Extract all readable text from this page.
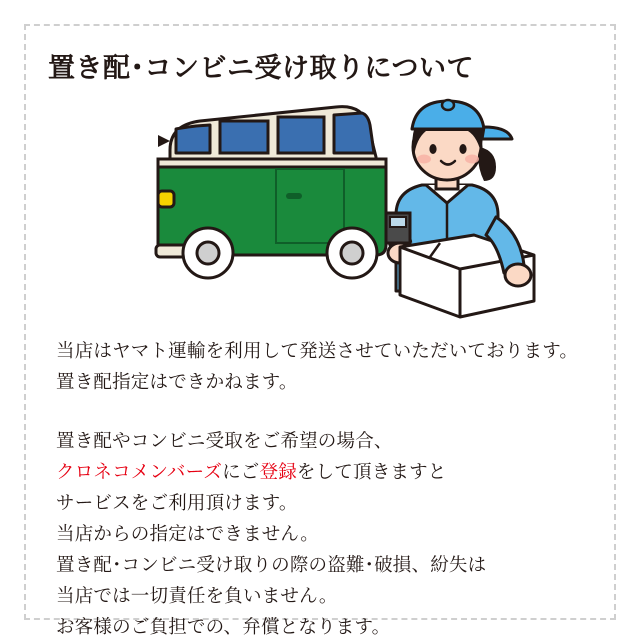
置き配･コンビニ受け取りについて

当店はヤマト運輸を利用して発送させていただいております。

置き配指定はできかねます。

置き配やコンビニ受取をご希望の場合、

クロネコメンバーズにご登録をして頂きますと

サービスをご利用頂けます。

当店からの指定はできません。

置き配･コンビニ受け取りの際の盗難･破損、紛失は

当店では一切責任を負いません。

お客様のご負担での、弁償となります。
